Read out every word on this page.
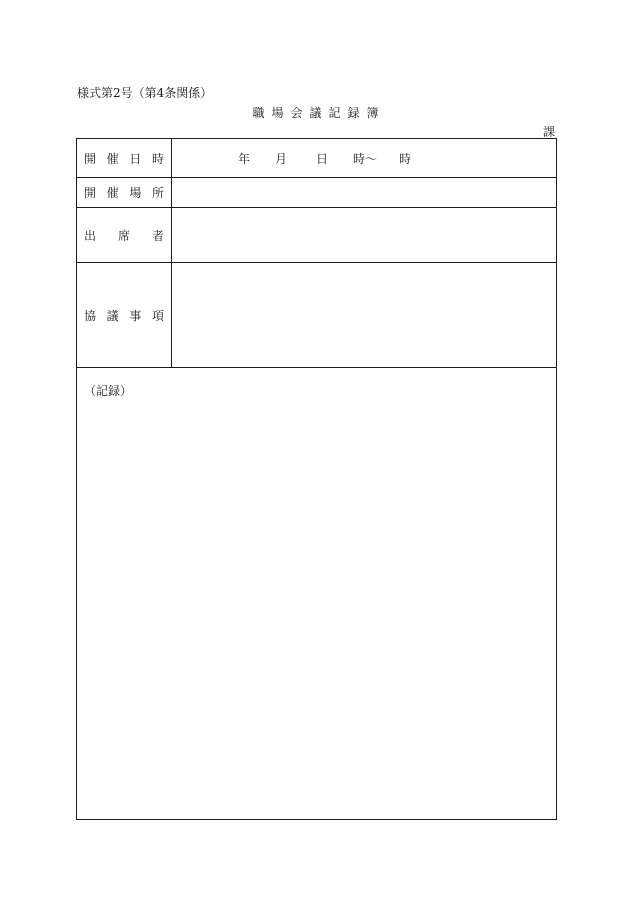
様式第2号（第4条関係）
職場会議記録簿
課
開催日時	年 月 日 時〜 時
開催場所
出席者
協議事項
（記録）
